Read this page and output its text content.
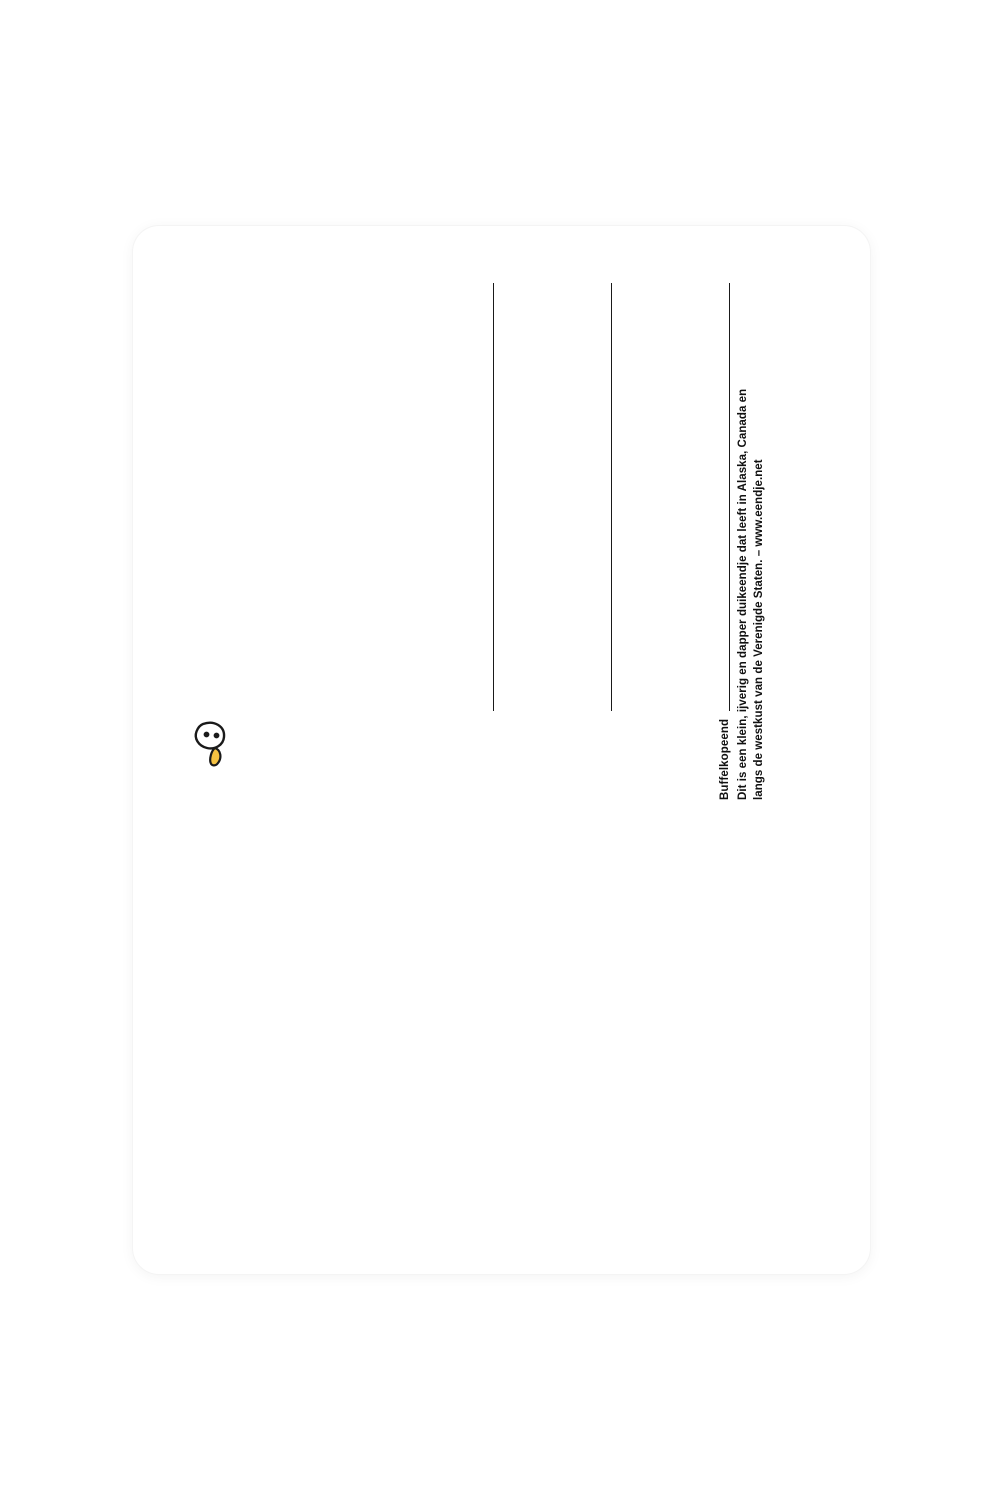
Buffelkopeend Dit is een klein, ijverig en dapper duikeendje dat leeft in Alaska, Canada en langs de westkust van de Verenigde Staten. – www.eendje.net
